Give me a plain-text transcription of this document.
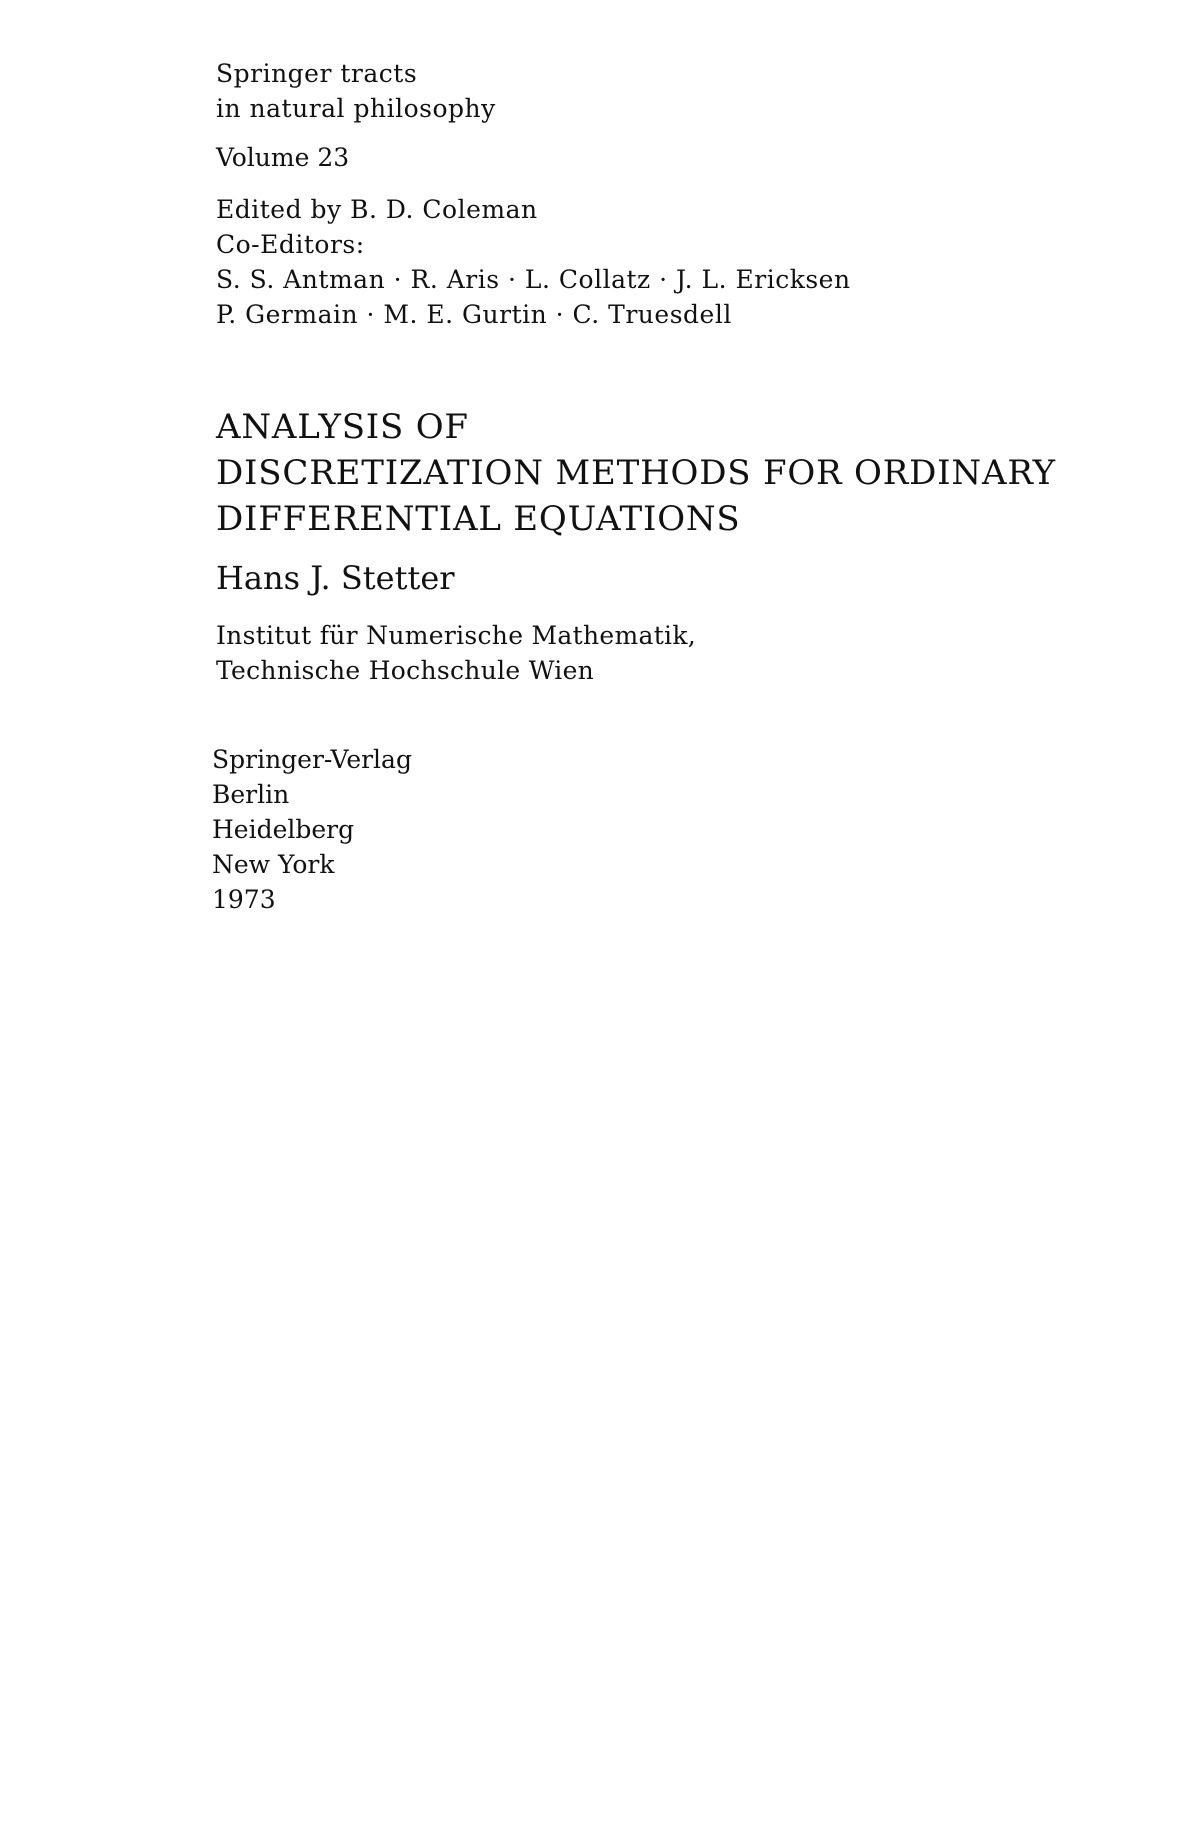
Springer tracts
in natural philosophy
Volume 23
Edited by B. D. Coleman
Co-Editors:
S. S. Antman · R. Aris · L. Collatz · J. L. Ericksen
P. Germain · M. E. Gurtin · C. Truesdell
ANALYSIS OF
DISCRETIZATION METHODS FOR ORDINARY
DIFFERENTIAL EQUATIONS
Hans J. Stetter
Institut für Numerische Mathematik,
Technische Hochschule Wien
Springer-Verlag
Berlin
Heidelberg
New York
1973
